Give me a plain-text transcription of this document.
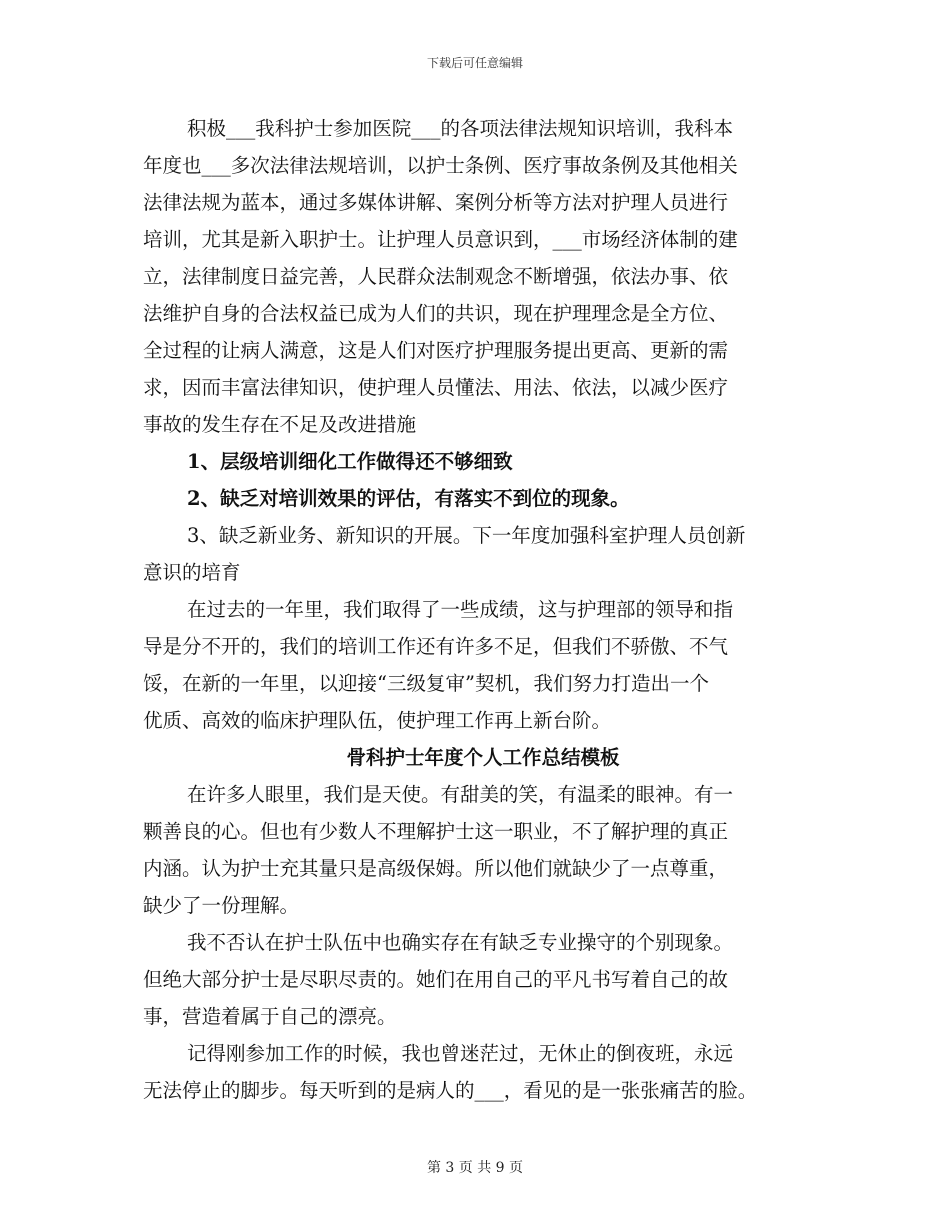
下载后可任意编辑
积极___我科护士参加医院___的各项法律法规知识培训，我科本
年度也___多次法律法规培训，以护士条例、医疗事故条例及其他相关
法律法规为蓝本，通过多媒体讲解、案例分析等方法对护理人员进行
培训，尤其是新入职护士。让护理人员意识到，___市场经济体制的建
立，法律制度日益完善，人民群众法制观念不断增强，依法办事、依
法维护自身的合法权益已成为人们的共识，现在护理理念是全方位、
全过程的让病人满意，这是人们对医疗护理服务提出更高、更新的需
求，因而丰富法律知识，使护理人员懂法、用法、依法，以减少医疗
事故的发生存在不足及改进措施
1、层级培训细化工作做得还不够细致
2、缺乏对培训效果的评估，有落实不到位的现象。
3、缺乏新业务、新知识的开展。下一年度加强科室护理人员创新
意识的培育
在过去的一年里，我们取得了一些成绩，这与护理部的领导和指
导是分不开的，我们的培训工作还有许多不足，但我们不骄傲、不气
馁，在新的一年里，以迎接“三级复审”契机，我们努力打造出一个
优质、高效的临床护理队伍，使护理工作再上新台阶。
骨科护士年度个人工作总结模板
在许多人眼里，我们是天使。有甜美的笑，有温柔的眼神。有一
颗善良的心。但也有少数人不理解护士这一职业，不了解护理的真正
内涵。认为护士充其量只是高级保姆。所以他们就缺少了一点尊重，
缺少了一份理解。
我不否认在护士队伍中也确实存在有缺乏专业操守的个别现象。
但绝大部分护士是尽职尽责的。她们在用自己的平凡书写着自己的故
事，营造着属于自己的漂亮。
记得刚参加工作的时候，我也曾迷茫过，无休止的倒夜班，永远
无法停止的脚步。每天听到的是病人的___，看见的是一张张痛苦的脸。
第 3 页 共 9 页
